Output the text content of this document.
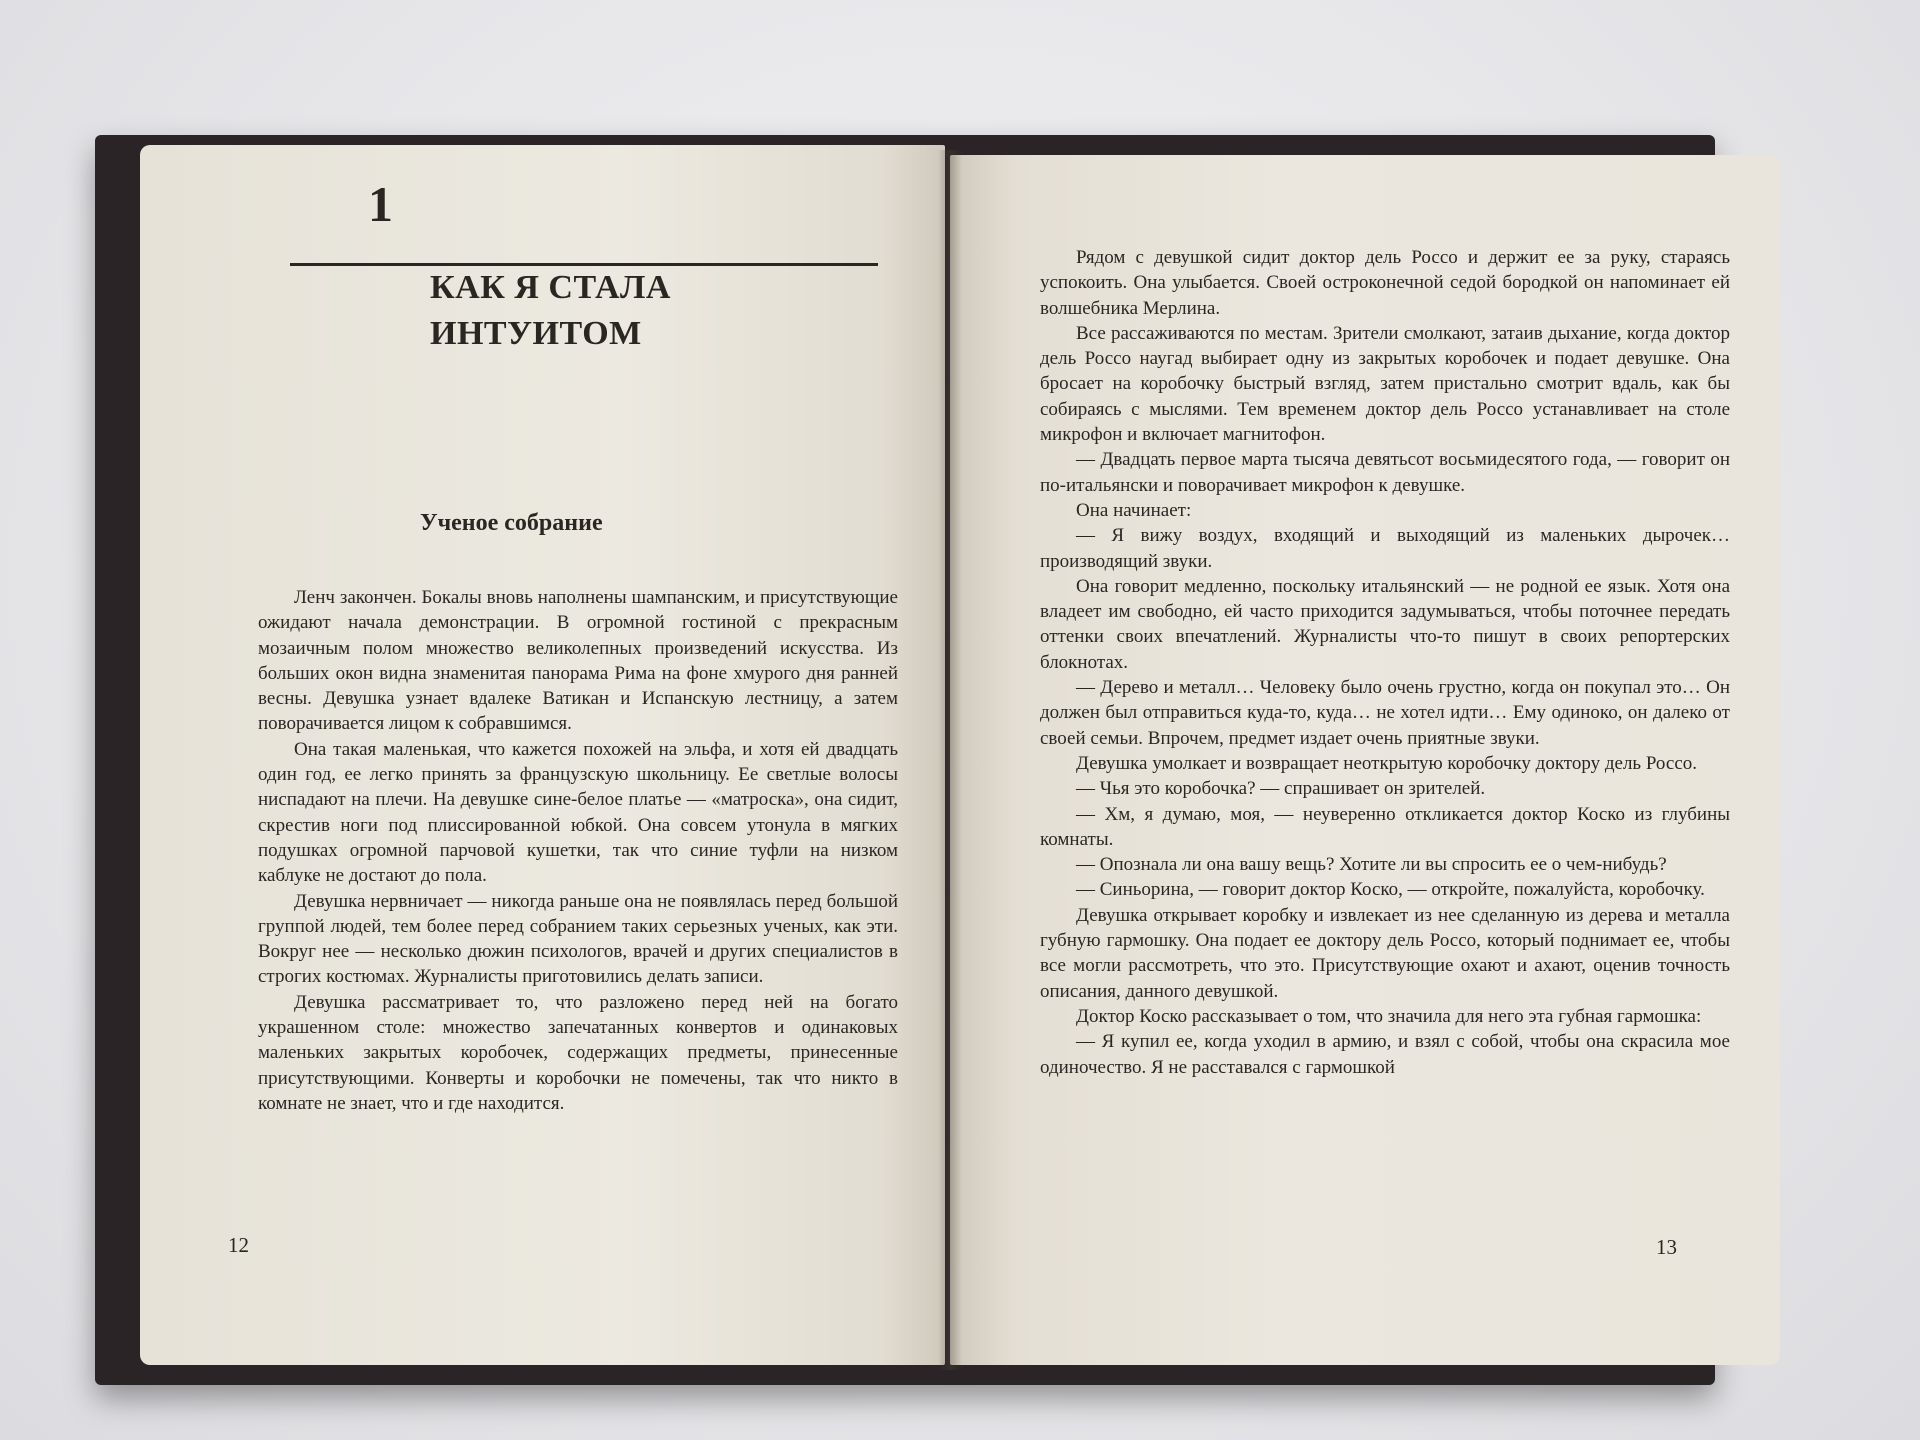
1
КАК Я СТАЛА
ИНТУИТОМ
Ученое собрание

Ленч закончен. Бокалы вновь наполнены шампанским, и присутствующие ожидают начала демонстрации. В огромной гостиной с прекрасным мозаичным полом множество великолепных произведений искусства. Из больших окон видна знаменитая панорама Рима на фоне хмурого дня ранней весны. Девушка узнает вдалеке Ватикан и Испанскую лестницу, а затем поворачивается лицом к собравшимся.

Она такая маленькая, что кажется похожей на эльфа, и хотя ей двадцать один год, ее легко принять за французскую школьницу. Ее светлые волосы ниспадают на плечи. На девушке сине-белое платье — «матроска», она сидит, скрестив ноги под плиссированной юбкой. Она совсем утонула в мягких подушках огромной парчовой кушетки, так что синие туфли на низком каблуке не достают до пола.

Девушка нервничает — никогда раньше она не появлялась перед большой группой людей, тем более перед собранием таких серьезных ученых, как эти. Вокруг нее — несколько дюжин психологов, врачей и других специалистов в строгих костюмах. Журналисты приготовились делать записи.

Девушка рассматривает то, что разложено перед ней на богато украшенном столе: множество запечатанных конвертов и одинаковых маленьких закрытых коробочек, содержащих предметы, принесенные присутствующими. Конверты и коробочки не помечены, так что никто в комнате не знает, что и где находится.

12

Рядом с девушкой сидит доктор дель Россо и держит ее за руку, стараясь успокоить. Она улыбается. Своей остроконечной седой бородкой он напоминает ей волшебника Мерлина.

Все рассаживаются по местам. Зрители смолкают, затаив дыхание, когда доктор дель Россо наугад выбирает одну из закрытых коробочек и подает девушке. Она бросает на коробочку быстрый взгляд, затем пристально смотрит вдаль, как бы собираясь с мыслями. Тем временем доктор дель Россо устанавливает на столе микрофон и включает магнитофон.

— Двадцать первое марта тысяча девятьсот восьмидесятого года, — говорит он по-итальянски и поворачивает микрофон к девушке.

Она начинает:

— Я вижу воздух, входящий и выходящий из маленьких дырочек… производящий звуки.

Она говорит медленно, поскольку итальянский — не родной ее язык. Хотя она владеет им свободно, ей часто приходится задумываться, чтобы поточнее передать оттенки своих впечатлений. Журналисты что-то пишут в своих репортерских блокнотах.

— Дерево и металл… Человеку было очень грустно, когда он покупал это… Он должен был отправиться куда-то, куда… не хотел идти… Ему одиноко, он далеко от своей семьи. Впрочем, предмет издает очень приятные звуки.

Девушка умолкает и возвращает неоткрытую коробочку доктору дель Россо.

— Чья это коробочка? — спрашивает он зрителей.

— Хм, я думаю, моя, — неуверенно откликается доктор Коско из глубины комнаты.

— Опознала ли она вашу вещь? Хотите ли вы спросить ее о чем-нибудь?

— Синьорина, — говорит доктор Коско, — откройте, пожалуйста, коробочку.

Девушка открывает коробку и извлекает из нее сделанную из дерева и металла губную гармошку. Она подает ее доктору дель Россо, который поднимает ее, чтобы все могли рассмотреть, что это. Присутствующие охают и ахают, оценив точность описания, данного девушкой.

Доктор Коско рассказывает о том, что значила для него эта губная гармошка:

— Я купил ее, когда уходил в армию, и взял с собой, чтобы она скрасила мое одиночество. Я не расставался с гармошкой

13
